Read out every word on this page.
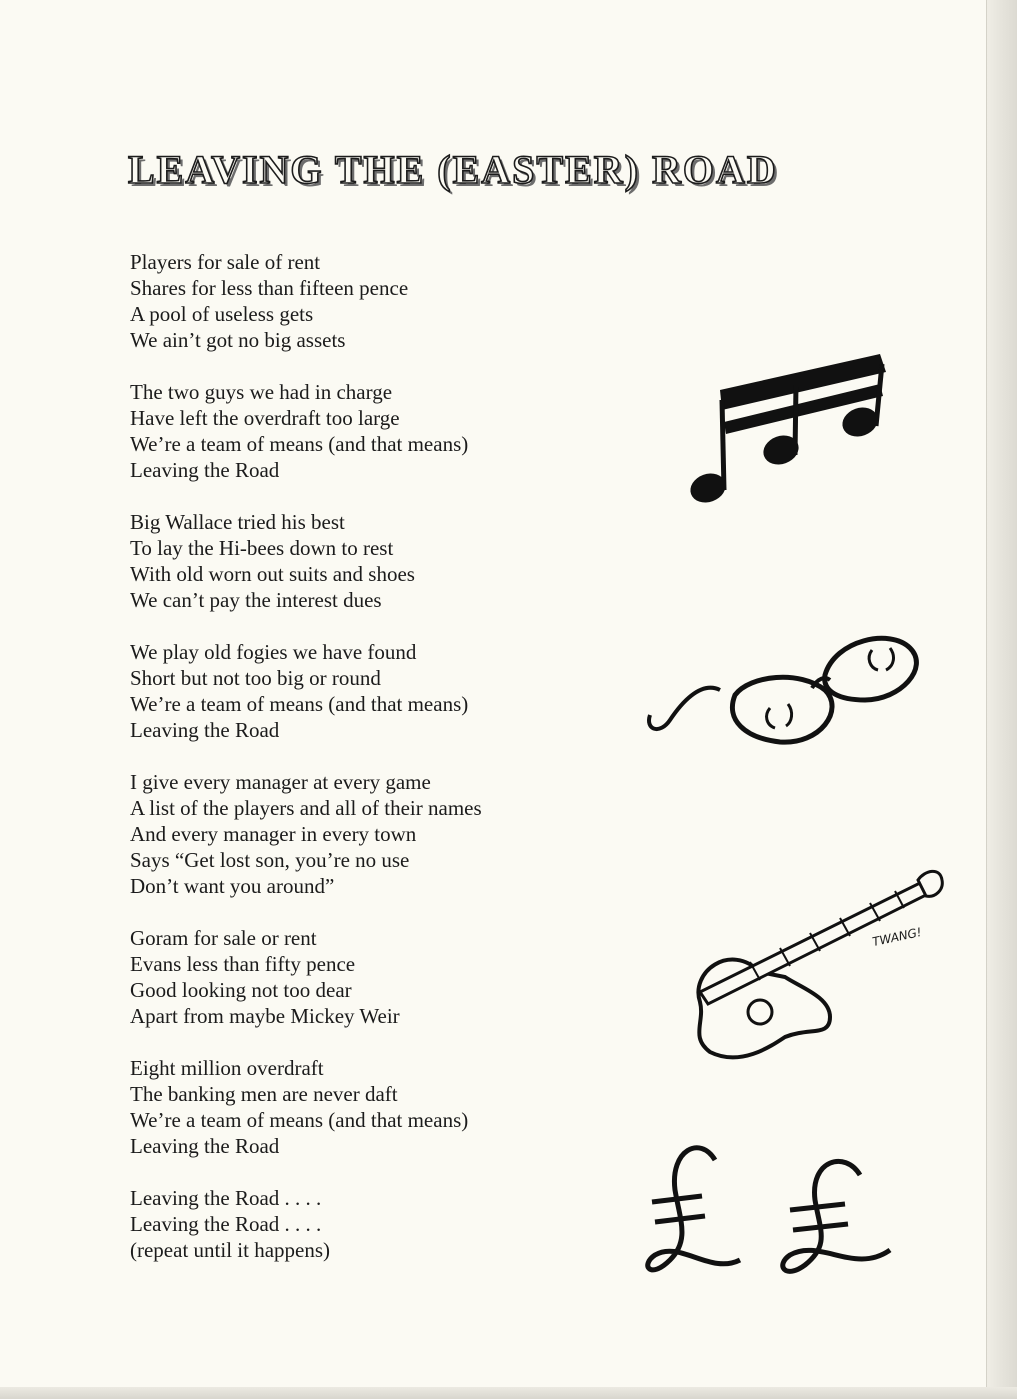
LEAVING THE (EASTER) ROAD
Players for sale of rent
Shares for less than fifteen pence
A pool of useless gets
We ain’t got no big assets
The two guys we had in charge
Have left the overdraft too large
We’re a team of means (and that means)
Leaving the Road
Big Wallace tried his best
To lay the Hi-bees down to rest
With old worn out suits and shoes
We can’t pay the interest dues
We play old fogies we have found
Short but not too big or round
We’re a team of means (and that means)
Leaving the Road
I give every manager at every game
A list of the players and all of their names
And every manager in every town
Says “Get lost son, you’re no use
Don’t want you around”
Goram for sale or rent
Evans less than fifty pence
Good looking not too dear
Apart from maybe Mickey Weir
Eight million overdraft
The banking men are never daft
We’re a team of means (and that means)
Leaving the Road
Leaving the Road . . . .
Leaving the Road . . . .
(repeat until it happens)
TWANG!
